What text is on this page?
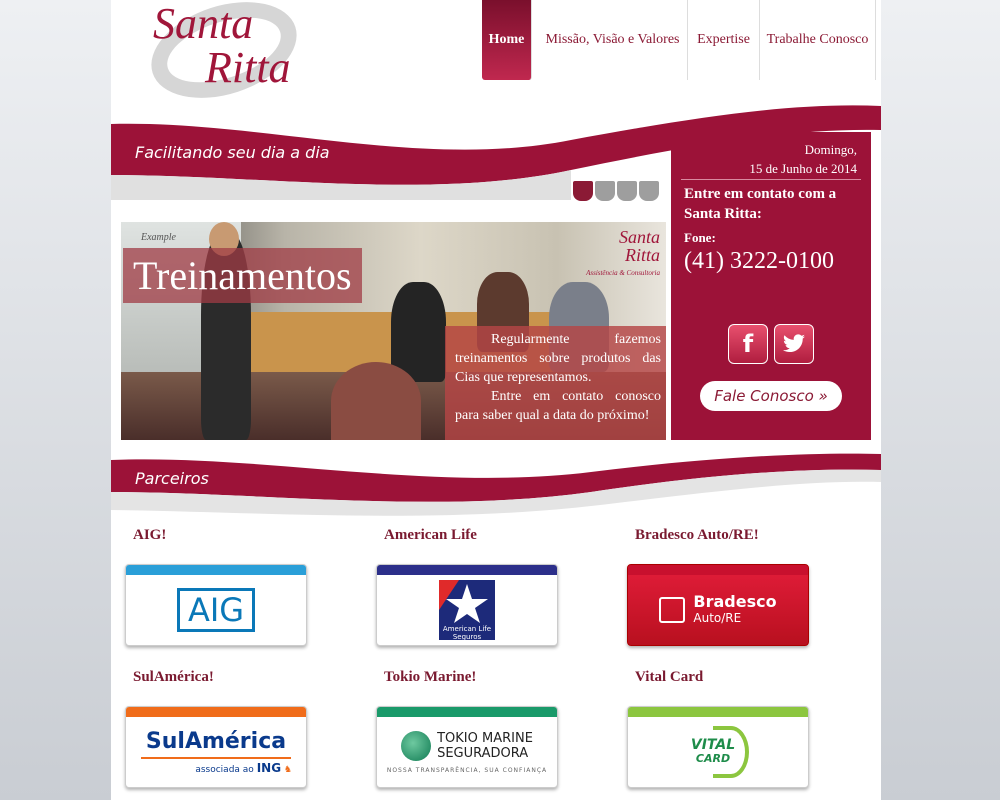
Santa
Ritta
Home	Missão, Visão e Valores	Expertise	Trabalhe Conosco
Facilitando seu dia a dia
Example
Treinamentos
Santa
Ritta
Assistência & Consultoria

Regularmente fazemos treinamentos sobre produtos das Cias que representamos.

Entre em contato conosco para saber qual a data do próximo!

Domingo,
15 de Junho de 2014
Entre em contato com a Santa Ritta:
Fone:
(41) 3222-0100
f
Fale Conosco »
Parceiros
AIG!	American Life	Bradesco Auto/RE!
SulAmérica!	Tokio Marine!	Vital Card
AIG	American Life
Seguros
Bradesco
Auto/RE
SulAmérica
associada ao ING ♞
TOKIO MARINE
SEGURADORA
NOSSA TRANSPARÊNCIA, SUA CONFIANÇA
VITAL
CARD
